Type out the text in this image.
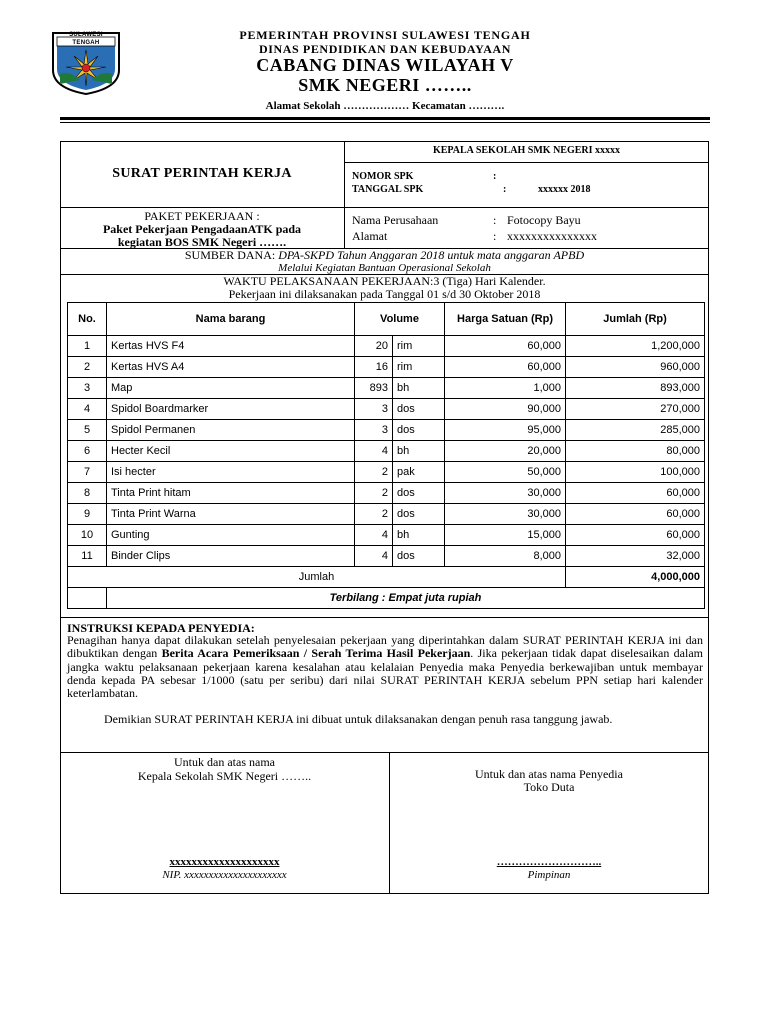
SULAWESI TENGAH
PEMERINTAH PROVINSI SULAWESI TENGAH
DINAS PENDIDIKAN DAN KEBUDAYAAN
CABANG DINAS WILAYAH V
SMK NEGERI ……..
Alamat Sekolah ……………… Kecamatan ……….
SURAT PERINTAH KERJA
KEPALA SEKOLAH SMK NEGERI xxxxx
NOMOR SPK	:
TANGGAL SPK	:	xxxxxx 2018
PAKET PEKERJAAN :
Paket Pekerjaan PengadaanATK pada
kegiatan BOS SMK Negeri …….
Nama Perusahaan	: Fotocopy Bayu
Alamat	: xxxxxxxxxxxxxxx
SUMBER DANA: DPA-SKPD Tahun Anggaran 2018 untuk mata anggaran APBD
Melalui Kegiatan Bantuan Operasional Sekolah
WAKTU PELAKSANAAN PEKERJAAN:3 (Tiga) Hari Kalender.
Pekerjaan ini dilaksanakan pada Tanggal 01 s/d 30 Oktober 2018
No.	Nama barang	Volume		Harga Satuan (Rp)	Jumlah (Rp)
1	Kertas HVS F4	20	rim	60,000	1,200,000
2	Kertas HVS A4	16	rim	60,000	960,000
3	Map	893	bh	1,000	893,000
4	Spidol Boardmarker	3	dos	90,000	270,000
5	Spidol Permanen	3	dos	95,000	285,000
6	Hecter Kecil	4	bh	20,000	80,000
7	Isi hecter	2	pak	50,000	100,000
8	Tinta Print hitam	2	dos	30,000	60,000
9	Tinta Print Warna	2	dos	30,000	60,000
10	Gunting	4	bh	15,000	60,000
11	Binder Clips	4	dos	8,000	32,000
Jumlah					4,000,000
	Terbilang : Empat juta rupiah				
INSTRUKSI KEPADA PENYEDIA:
Penagihan hanya dapat dilakukan setelah penyelesaian pekerjaan yang diperintahkan dalam SURAT PERINTAH KERJA ini dan dibuktikan dengan Berita Acara Pemeriksaan / Serah Terima Hasil Pekerjaan. Jika pekerjaan tidak dapat diselesaikan dalam jangka waktu pelaksanaan pekerjaan karena kesalahan atau kelalaian Penyedia maka Penyedia berkewajiban untuk membayar denda kepada PA sebesar 1/1000 (satu per seribu) dari nilai SURAT PERINTAH KERJA sebelum PPN setiap hari kalender keterlambatan.
Demikian SURAT PERINTAH KERJA ini dibuat untuk dilaksanakan dengan penuh rasa tanggung jawab.
Untuk dan atas nama
Kepala Sekolah SMK Negeri ……..
xxxxxxxxxxxxxxxxxxxx
NIP. xxxxxxxxxxxxxxxxxxxxx
Untuk dan atas nama Penyedia
Toko Duta
………………………..
Pimpinan
